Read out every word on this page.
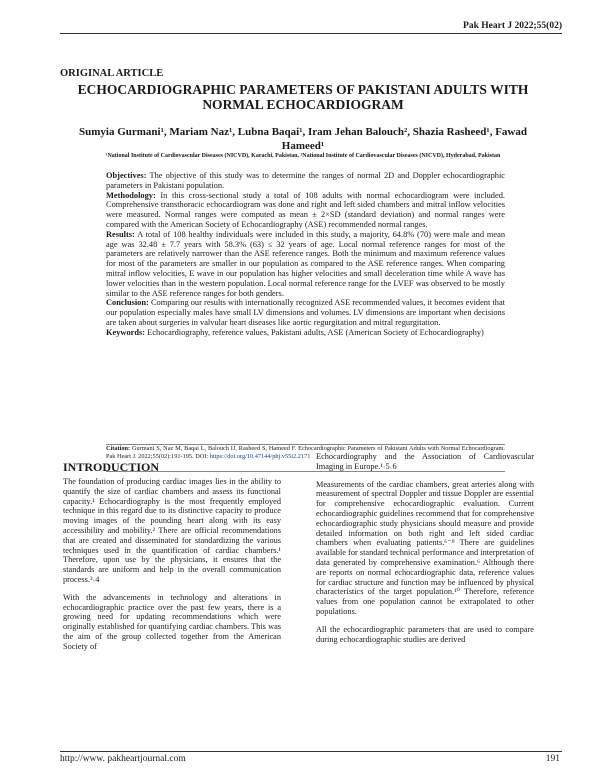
Pak Heart J 2022;55(02)
ORIGINAL ARTICLE
ECHOCARDIOGRAPHIC PARAMETERS OF PAKISTANI ADULTS WITH NORMAL ECHOCARDIOGRAM
Sumyia Gurmani¹, Mariam Naz¹, Lubna Baqai¹, Iram Jehan Balouch², Shazia Rasheed¹, Fawad Hameed¹
¹National Institute of Cardiovascular Diseases (NICVD), Karachi, Pakistan, ²National Institute of Cardiovascular Diseases (NICVD), Hyderabad, Pakistan

Objectives: The objective of this study was to determine the ranges of normal 2D and Doppler echocardiographic parameters in Pakistani population.

Methodology: In this cross-sectional study a total of 108 adults with normal echocardiogram were included. Comprehensive transthoracic echocardiogram was done and right and left sided chambers and mitral inflow velocities were measured. Normal ranges were computed as mean ± 2×SD (standard deviation) and normal ranges were compared with the American Society of Echocardiography (ASE) recommended normal ranges.

Results: A total of 108 healthy individuals were included in this study, a majority, 64.8% (70) were male and mean age was 32.48 ± 7.7 years with 58.3% (63) ≤ 32 years of age. Local normal reference ranges for most of the parameters are relatively narrower than the ASE reference ranges. Both the minimum and maximum reference values for most of the parameters are smaller in our population as compared to the ASE reference ranges. When comparing mitral inflow velocities, E wave in our population has higher velocities and small deceleration time while A wave has lower velocities than in the western population. Local normal reference range for the LVEF was observed to be mostly similar to the ASE reference ranges for both genders.

Conclusion: Comparing our results with internationally recognized ASE recommended values, it becomes evident that our population especially males have small LV dimensions and volumes. LV dimensions are important when decisions are taken about surgeries in valvular heart diseases like aortic regurgitation and mitral regurgitation.

Keywords: Echocardiography, reference values, Pakistani adults, ASE (American Society of Echocardiography)

Citation: Gurmani S, Naz M, Baqai L, Balouch IJ, Rasheed S, Hameed F. Echocardiographic Parameters of Pakistani Adults with Normal Echocardiogram. Pak Heart J. 2022;55(02):191-195. DOI: https://doi.org/10.47144/phj.v55i2.2171
INTRODUCTION

The foundation of producing cardiac images lies in the ability to quantify the size of cardiac chambers and assess its functional capacity.¹ Echocardiography is the most frequently employed technique in this regard due to its distinctive capacity to produce moving images of the pounding heart along with its easy accessibility and mobility.² There are official recommendations that are created and disseminated for standardizing the various techniques used in the quantification of cardiac chambers.¹ Therefore, upon use by the physicians, it ensures that the standards are uniform and help in the overall communication process.³˓4

With the advancements in technology and alterations in echocardiographic practice over the past few years, there is a growing need for updating recommendations which were originally established for quantifying cardiac chambers. This was the aim of the group collected together from the American Society of

Echocardiography and the Association of Cardiovascular Imaging in Europe.¹˓5˓6

Measurements of the cardiac chambers, great arteries along with measurement of spectral Doppler and tissue Doppler are essential for comprehensive echocardiographic evaluation. Current echocardiographic guidelines recommend that for comprehensive echocardiographic study physicians should measure and provide detailed information on both right and left sided cardiac chambers when evaluating patients.⁶⁻⁹ There are guidelines available for standard technical performance and interpretation of data generated by comprehensive examination.⁶ Although there are reports on normal echocardiographic data, reference values for cardiac structure and function may be influenced by physical characteristics of the target population.¹⁰ Therefore, reference values from one population cannot be extrapolated to other populations.

All the echocardiographic parameters that are used to compare during echocardiographic studies are derived

http://www. pakheartjournal.com	191
